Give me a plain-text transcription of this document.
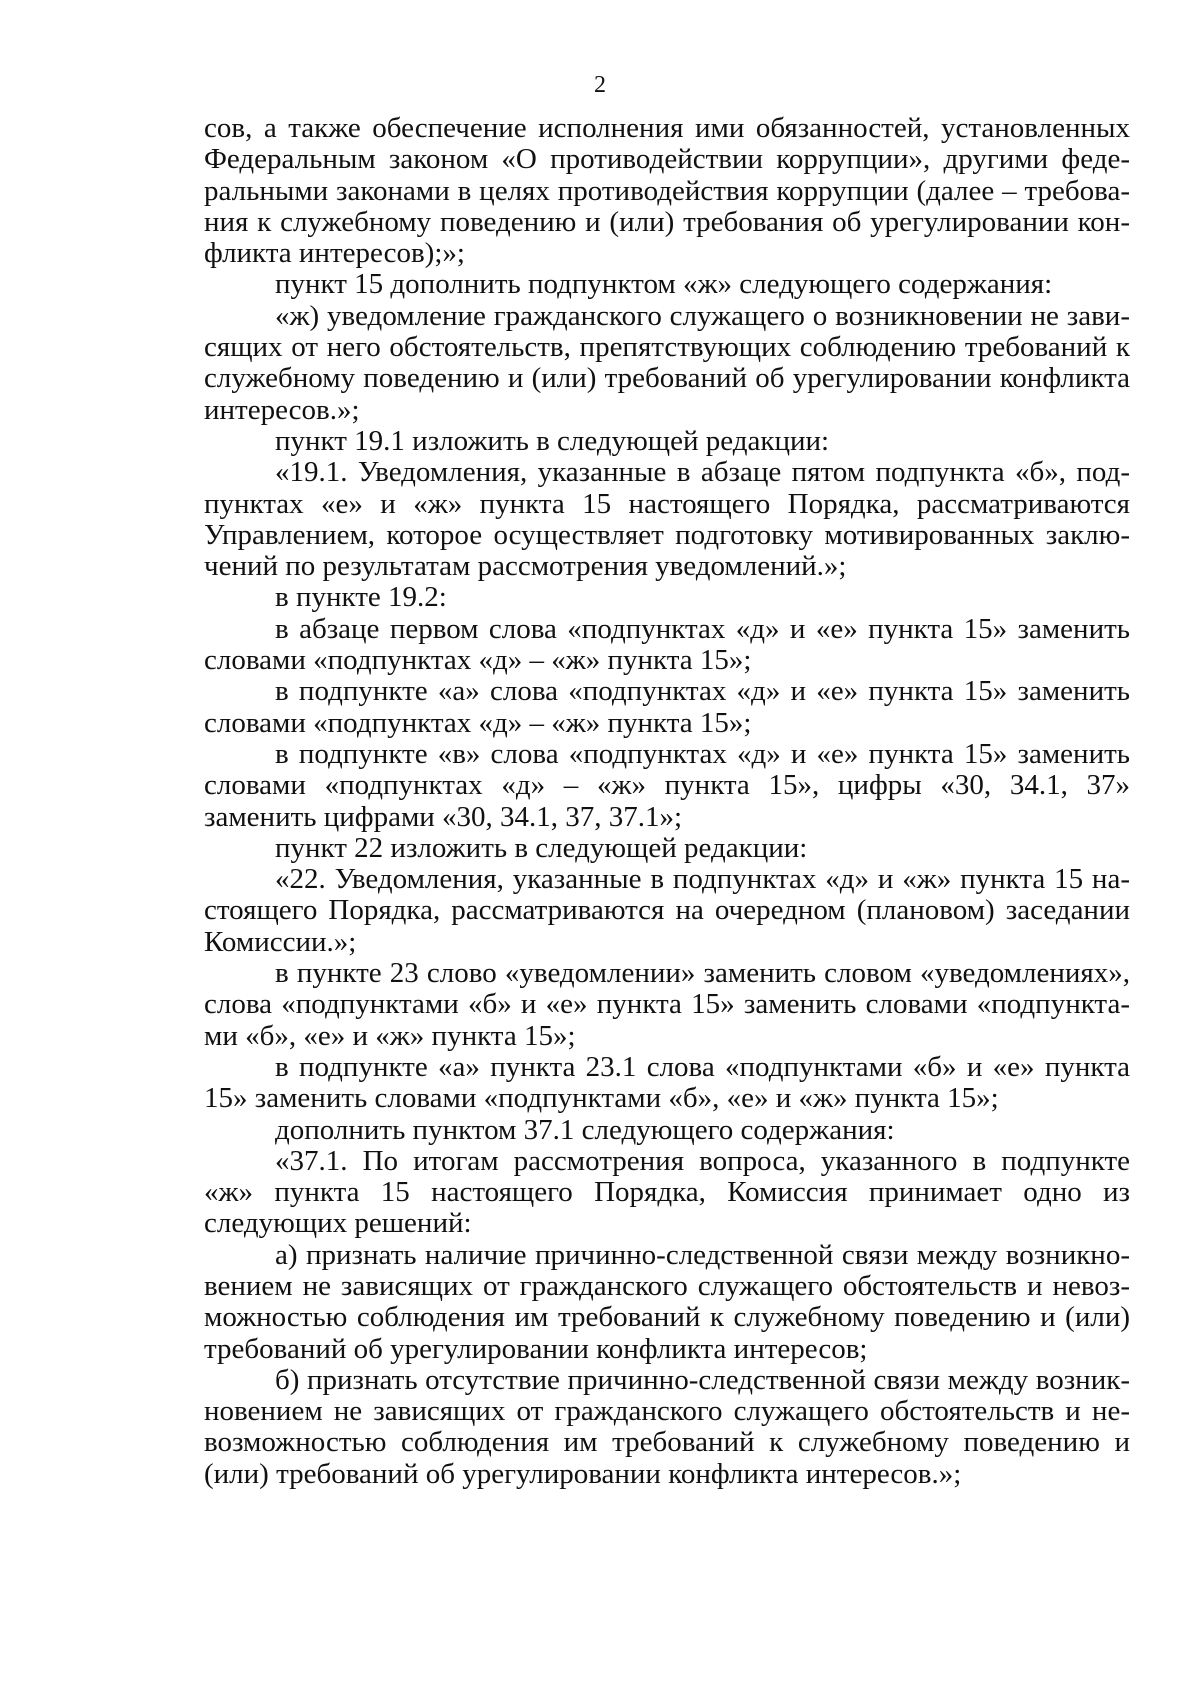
2

сов, а также обеспечение исполнения ими обязанностей, установленных Федеральным законом «О противодействии коррупции», другими федеральными законами в целях противодействия коррупции (далее – требования к служебному поведению и (или) требования об урегулировании конфликта интересов);»;

пункт 15 дополнить подпунктом «ж» следующего содержания:

«ж) уведомление гражданского служащего о возникновении не зависящих от него обстоятельств, препятствующих соблюдению требований к служебному поведению и (или) требований об урегулировании конфликта интересов.»;

пункт 19.1 изложить в следующей редакции:

«19.1. Уведомления, указанные в абзаце пятом подпункта «б», подпунктах «е» и «ж» пункта 15 настоящего Порядка, рассматриваются Управлением, которое осуществляет подготовку мотивированных заключений по результатам рассмотрения уведомлений.»;

в пункте 19.2:

в абзаце первом слова «подпунктах «д» и «е» пункта 15» заменить словами «подпунктах «д» – «ж» пункта 15»;

в подпункте «а» слова «подпунктах «д» и «е» пункта 15» заменить словами «подпунктах «д» – «ж» пункта 15»;

в подпункте «в» слова «подпунктах «д» и «е» пункта 15» заменить словами «подпунктах «д» – «ж» пункта 15», цифры «30, 34.1, 37» заменить цифрами «30, 34.1, 37, 37.1»;

пункт 22 изложить в следующей редакции:

«22. Уведомления, указанные в подпунктах «д» и «ж» пункта 15 настоящего Порядка, рассматриваются на очередном (плановом) заседании Комиссии.»;

в пункте 23 слово «уведомлении» заменить словом «уведомлениях», слова «подпунктами «б» и «е» пункта 15» заменить словами «подпунктами «б», «е» и «ж» пункта 15»;

в подпункте «а» пункта 23.1 слова «подпунктами «б» и «е» пункта 15» заменить словами «подпунктами «б», «е» и «ж» пункта 15»;

дополнить пунктом 37.1 следующего содержания:

«37.1. По итогам рассмотрения вопроса, указанного в подпункте «ж» пункта 15 настоящего Порядка, Комиссия принимает одно из следующих решений:

а) признать наличие причинно-следственной связи между возникновением не зависящих от гражданского служащего обстоятельств и невозможностью соблюдения им требований к служебному поведению и (или) требований об урегулировании конфликта интересов;

б) признать отсутствие причинно-следственной связи между возникновением не зависящих от гражданского служащего обстоятельств и невозможностью соблюдения им требований к служебному поведению и (или) требований об урегулировании конфликта интересов.»;
